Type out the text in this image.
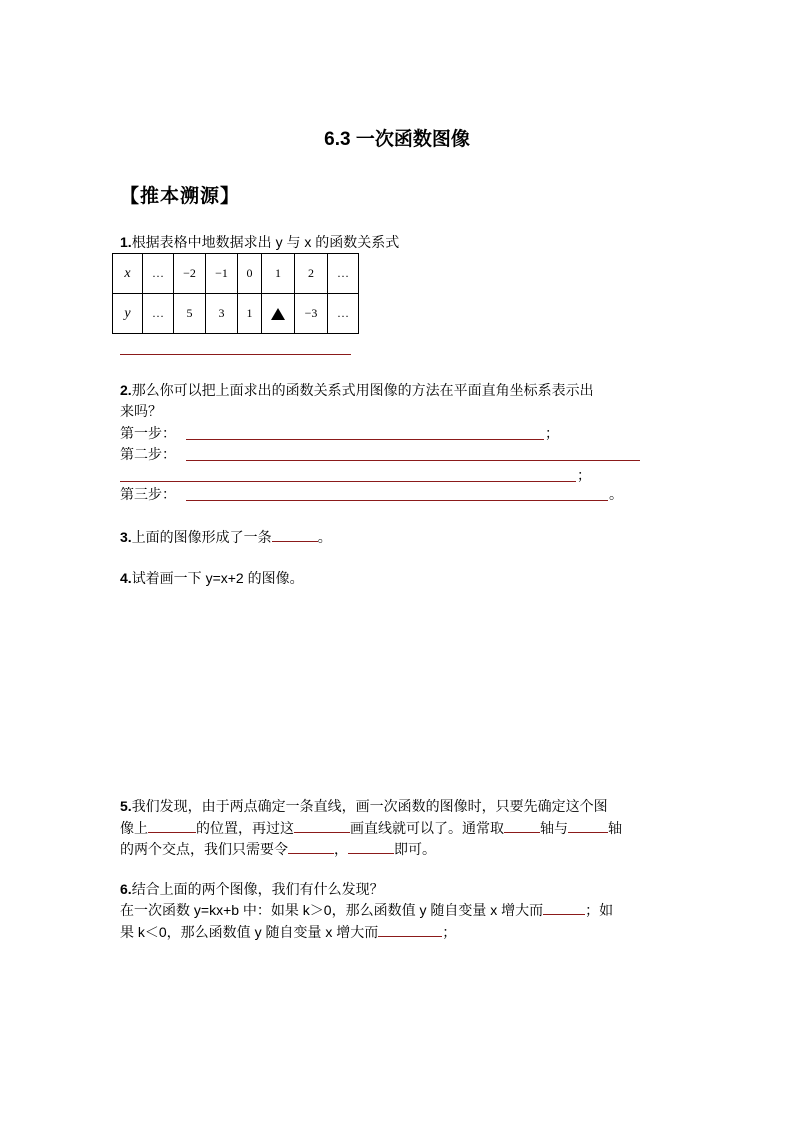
6.3 一次函数图像
【推本溯源】
1.根据表格中地数据求出 y 与 x 的函数关系式
x	…	−2	−1	0	1	2	…
y	…	5	3	1		−3	…
2.那么你可以把上面求出的函数关系式用图像的方法在平面直角坐标系表示出
来吗？
第一步：	；
第二步：
；
第三步：	。
3.上面的图像形成了一条	。
4.试着画一下 y=x+2 的图像。
5.我们发现，由于两点确定一条直线，画一次函数的图像时，只要先确定这个图
像上	的位置，再过这	画直线就可以了。通常取	轴与	轴
的两个交点，我们只需要令	，	即可。
6.结合上面的两个图像，我们有什么发现？
在一次函数 y=kx+b 中：如果 k＞0，那么函数值 y 随自变量 x 增大而	；如
果 k＜0，那么函数值 y 随自变量 x 增大而	；
